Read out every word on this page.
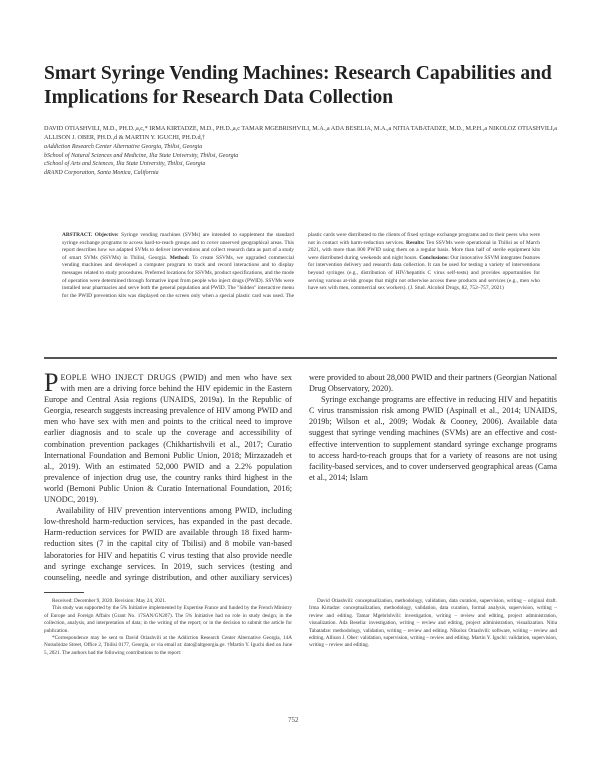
Smart Syringe Vending Machines: Research Capabilities and Implications for Research Data Collection
DAVID OTIASHVILI, M.D., PH.D.,a,c,* IRMA KIRTADZE, M.D., PH.D.,a,c TAMAR MGEBRISHVILI, M.A.,a ADA BESELIA, M.A.,a NITIA TABATADZE, M.D., M.P.H.,a NIKOLOZ OTIASHVILI,a ALLISON J. OBER, PH.D.,d & MARTIN Y. IGUCHI, PH.D.d,†
aAddiction Research Center Alternative Georgia, Tbilisi, Georgia
bSchool of Natural Sciences and Medicine, Ilia State University, Tbilisi, Georgia
cSchool of Arts and Sciences, Ilia State University, Tbilisi, Georgia
dRAND Corporation, Santa Monica, California
ABSTRACT. Objective: Syringe vending machines (SVMs) are intended to supplement the standard syringe exchange programs to access hard-to-reach groups and to cover unserved geographical areas. This report describes how we adapted SVMs to deliver interventions and collect research data as part of a study of smart SVMs (SSVMs) in Tbilisi, Georgia. Method: To create SSVMs, we upgraded commercial vending machines and developed a computer program to track and record interactions and to display messages related to study procedures. Preferred locations for SSVMs, product specifications, and the mode of operation were determined through formative input from people who inject drugs (PWID). SSVMs were installed near pharmacies and serve both the general population and PWID. The "hidden" interactive menu for the PWID prevention kits was displayed on the screen only when a special plastic card was used. The plastic cards were distributed to the clients of fixed syringe exchange programs and to their peers who were not in contact with harm-reduction services. Results: Ten SSVMs were operational in Tbilisi as of March 2021, with more than 800 PWID using them on a regular basis. More than half of sterile equipment kits were distributed during weekends and night hours. Conclusions: Our innovative SSVM integrates features for intervention delivery and research data collection. It can be used for testing a variety of interventions beyond syringes (e.g., distribution of HIV/hepatitis C virus self-tests) and provides opportunities for serving various at-risk groups that might not otherwise access these products and services (e.g., men who have sex with men, commercial sex workers). (J. Stud. Alcohol Drugs, 82, 752–757, 2021)

PEOPLE WHO INJECT DRUGS (PWID) and men who have sex with men are a driving force behind the HIV epidemic in the Eastern Europe and Central Asia regions (UNAIDS, 2019a). In the Republic of Georgia, research suggests increasing prevalence of HIV among PWID and men who have sex with men and points to the critical need to improve earlier diagnosis and to scale up the coverage and accessibility of combination prevention packages (Chikhartishvili et al., 2017; Curatio International Foundation and Bemoni Public Union, 2018; Mirzazadeh et al., 2019). With an estimated 52,000 PWID and a 2.2% population prevalence of injection drug use, the country ranks third highest in the world (Bemoni Public Union & Curatio International Foundation, 2016; UNODC, 2019).

Availability of HIV prevention interventions among PWID, including low-threshold harm-reduction services, has expanded in the past decade. Harm-reduction services for PWID are available through 18 fixed harm-reduction sites (7 in the capital city of Tbilisi) and 8 mobile van-based laboratories for HIV and hepatitis C virus testing that also provide needle and syringe exchange services. In 2019, such services (testing and counseling, needle and syringe distribution, and other auxiliary services) were provided to about 28,000 PWID and their partners (Georgian National Drug Observatory, 2020).

Syringe exchange programs are effective in reducing HIV and hepatitis C virus transmission risk among PWID (Aspinall et al., 2014; UNAIDS, 2019b; Wilson et al., 2009; Wodak & Cooney, 2006). Available data suggest that syringe vending machines (SVMs) are an effective and cost-effective intervention to supplement standard syringe exchange programs to access hard-to-reach groups that for a variety of reasons are not using facility-based services, and to cover underserved geographical areas (Cama et al., 2014; Islam

Received: December 9, 2020. Revision: May 24, 2021.

This study was supported by the 5% Initiative implemented by Expertise France and funded by the French Ministry of Europe and Foreign Affairs (Grant No. 17SAN/GN207). The 5% Initiative had no role in study design; in the collection, analysis, and interpretation of data; in the writing of the report; or in the decision to submit the article for publication.

*Correspondence may be sent to David Otiashvili at the Addiction Research Center Alternative Georgia, 14A Nutsubidze Street, Office 2, Tbilisi 0177, Georgia, or via email at: dato@altgeorgia.ge. †Martin Y. Iguchi died on June 5, 2021. The authors had the following contributions to the report:

David Otiashvili: conceptualization, methodology, validation, data curation, supervision, writing – original draft. Irma Kirtadze: conceptualization, methodology, validation, data curation, formal analysis, supervision, writing – review and editing. Tamar Mgebrishvili: investigation, writing – review and editing, project administration, visualization. Ada Beselia: investigation, writing – review and editing, project administration, visualization. Nitia Tabatadze: methodology, validation, writing – review and editing. Nikoloz Otiashvili: software, writing – review and editing. Allison J. Ober: validation, supervision, writing – review and editing. Martin Y. Iguchi: validation, supervision, writing – review and editing.

752
